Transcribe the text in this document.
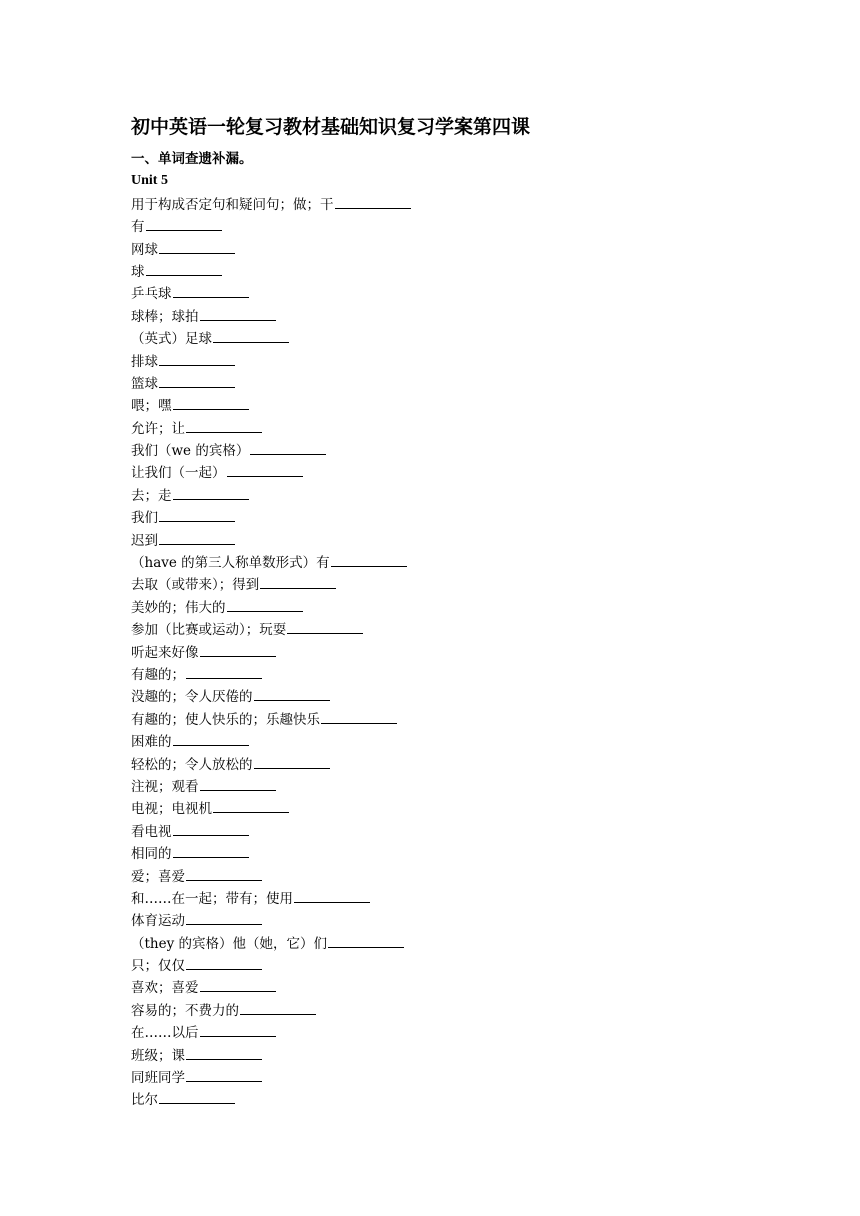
初中英语一轮复习教材基础知识复习学案第四课
一、单词查遗补漏。
Unit 5
用于构成否定句和疑问句；做；干
有
网球
球
乒乓球
球棒；球拍
（英式）足球
排球
篮球
喂；嘿
允许；让
我们（we 的宾格）
让我们（一起）
去；走
我们
迟到
（have 的第三人称单数形式）有
去取（或带来）；得到
美妙的；伟大的
参加（比赛或运动）；玩耍
听起来好像
有趣的；
没趣的；令人厌倦的
有趣的；使人快乐的；乐趣快乐
困难的
轻松的；令人放松的
注视；观看
电视；电视机
看电视
相同的
爱；喜爱
和……在一起；带有；使用
体育运动
（they 的宾格）他（她，它）们
只；仅仅
喜欢；喜爱
容易的；不费力的
在……以后
班级；课
同班同学
比尔
